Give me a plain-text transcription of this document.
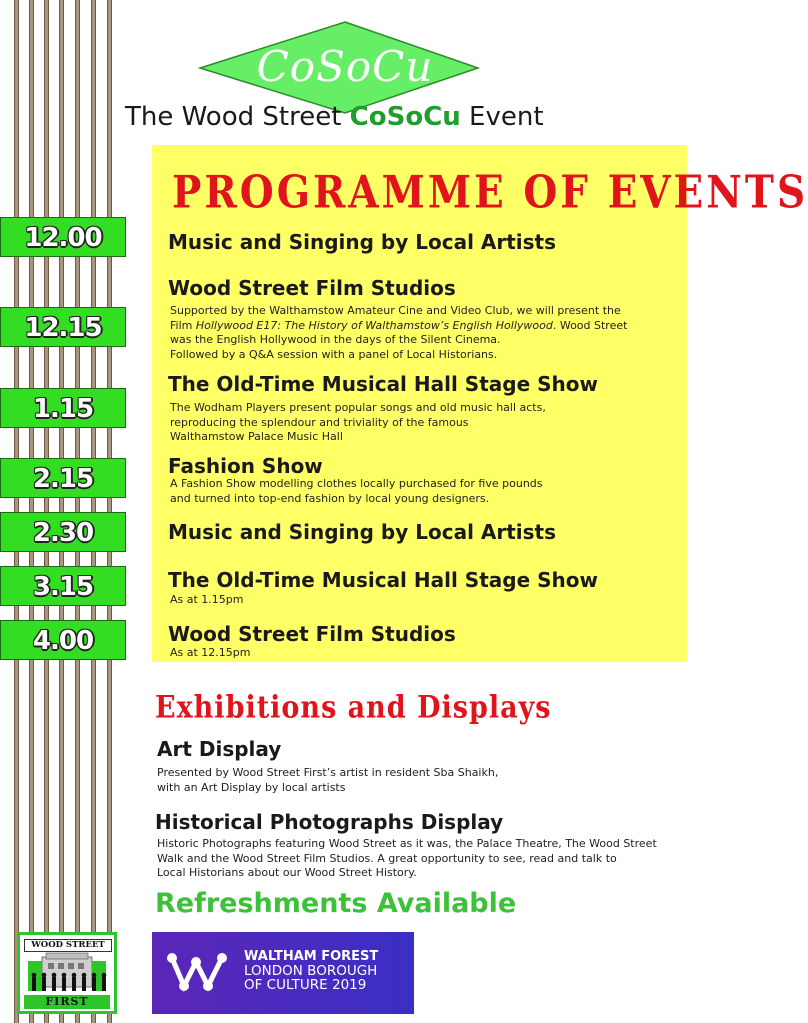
CoSoCu
The Wood Street CoSoCu Event
PROGRAMME OF EVENTS
12.00
12.15
1.15
2.15
2.30
3.15
4.00
Music and Singing by Local Artists
Wood Street Film Studios
Supported by the Walthamstow Amateur Cine and Video Club, we will present the
Film Hollywood E17: The History of Walthamstow’s English Hollywood. Wood Street
was the English Hollywood in the days of the Silent Cinema.
Followed by a Q&A session with a panel of Local Historians.
The Old-Time Musical Hall Stage Show
The Wodham Players present popular songs and old music hall acts,
reproducing the splendour and triviality of the famous
Walthamstow Palace Music Hall
Fashion Show
A Fashion Show modelling clothes locally purchased for five pounds
and turned into top-end fashion by local young designers.
Music and Singing by Local Artists
The Old-Time Musical Hall Stage Show
As at 1.15pm
Wood Street Film Studios
As at 12.15pm
Exhibitions and Displays
Art Display
Presented by Wood Street First’s artist in resident Sba Shaikh,
with an Art Display by local artists
Historical Photographs Display
Historic Photographs featuring Wood Street as it was, the Palace Theatre, The Wood Street
Walk and the Wood Street Film Studios. A great opportunity to see, read and talk to
Local Historians about our Wood Street History.
Refreshments Available
WOOD STREET
FIRST
WALTHAM FOREST
LONDON BOROUGH
OF CULTURE 2019
